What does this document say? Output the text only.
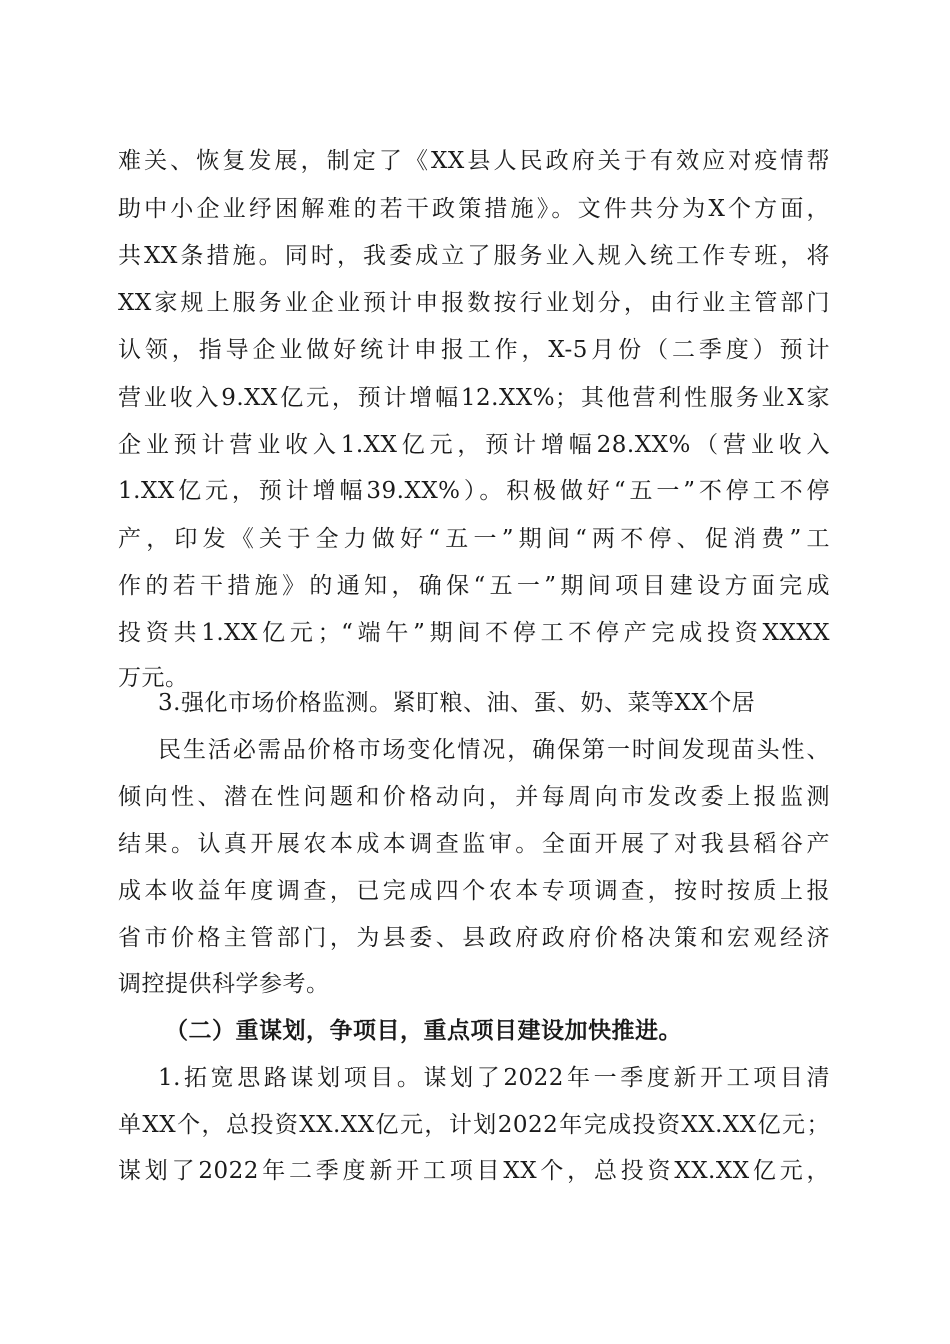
难关、恢复发展，制定了《XX县人民政府关于有效应对疫情帮

助中小企业纾困解难的若干政策措施》。文件共分为X个方面，

共XX条措施。同时，我委成立了服务业入规入统工作专班，将

XX家规上服务业企业预计申报数按行业划分，由行业主管部门

认领，指导企业做好统计申报工作，X-5月份（二季度）预计

营业收入9.XX亿元，预计增幅12.XX%；其他营利性服务业X家

企业预计营业收入1.XX亿元，预计增幅28.XX%（营业收入

1.XX亿元，预计增幅39.XX%）。积极做好“五一”不停工不停

产，印发《关于全力做好“五一”期间“两不停、促消费”工

作的若干措施》的通知，确保“五一”期间项目建设方面完成

投资共1.XX亿元；“端午”期间不停工不停产完成投资XXXX

万元。

3.强化市场价格监测。紧盯粮、油、蛋、奶、菜等XX个居

民生活必需品价格市场变化情况，确保第一时间发现苗头性、

倾向性、潜在性问题和价格动向，并每周向市发改委上报监测

结果。认真开展农本成本调查监审。全面开展了对我县稻谷产

成本收益年度调查，已完成四个农本专项调查，按时按质上报

省市价格主管部门，为县委、县政府政府价格决策和宏观经济

调控提供科学参考。

（二）重谋划，争项目，重点项目建设加快推进。

1.拓宽思路谋划项目。谋划了2022年一季度新开工项目清

单XX个，总投资XX.XX亿元，计划2022年完成投资XX.XX亿元；

谋划了2022年二季度新开工项目XX个，总投资XX.XX亿元，
